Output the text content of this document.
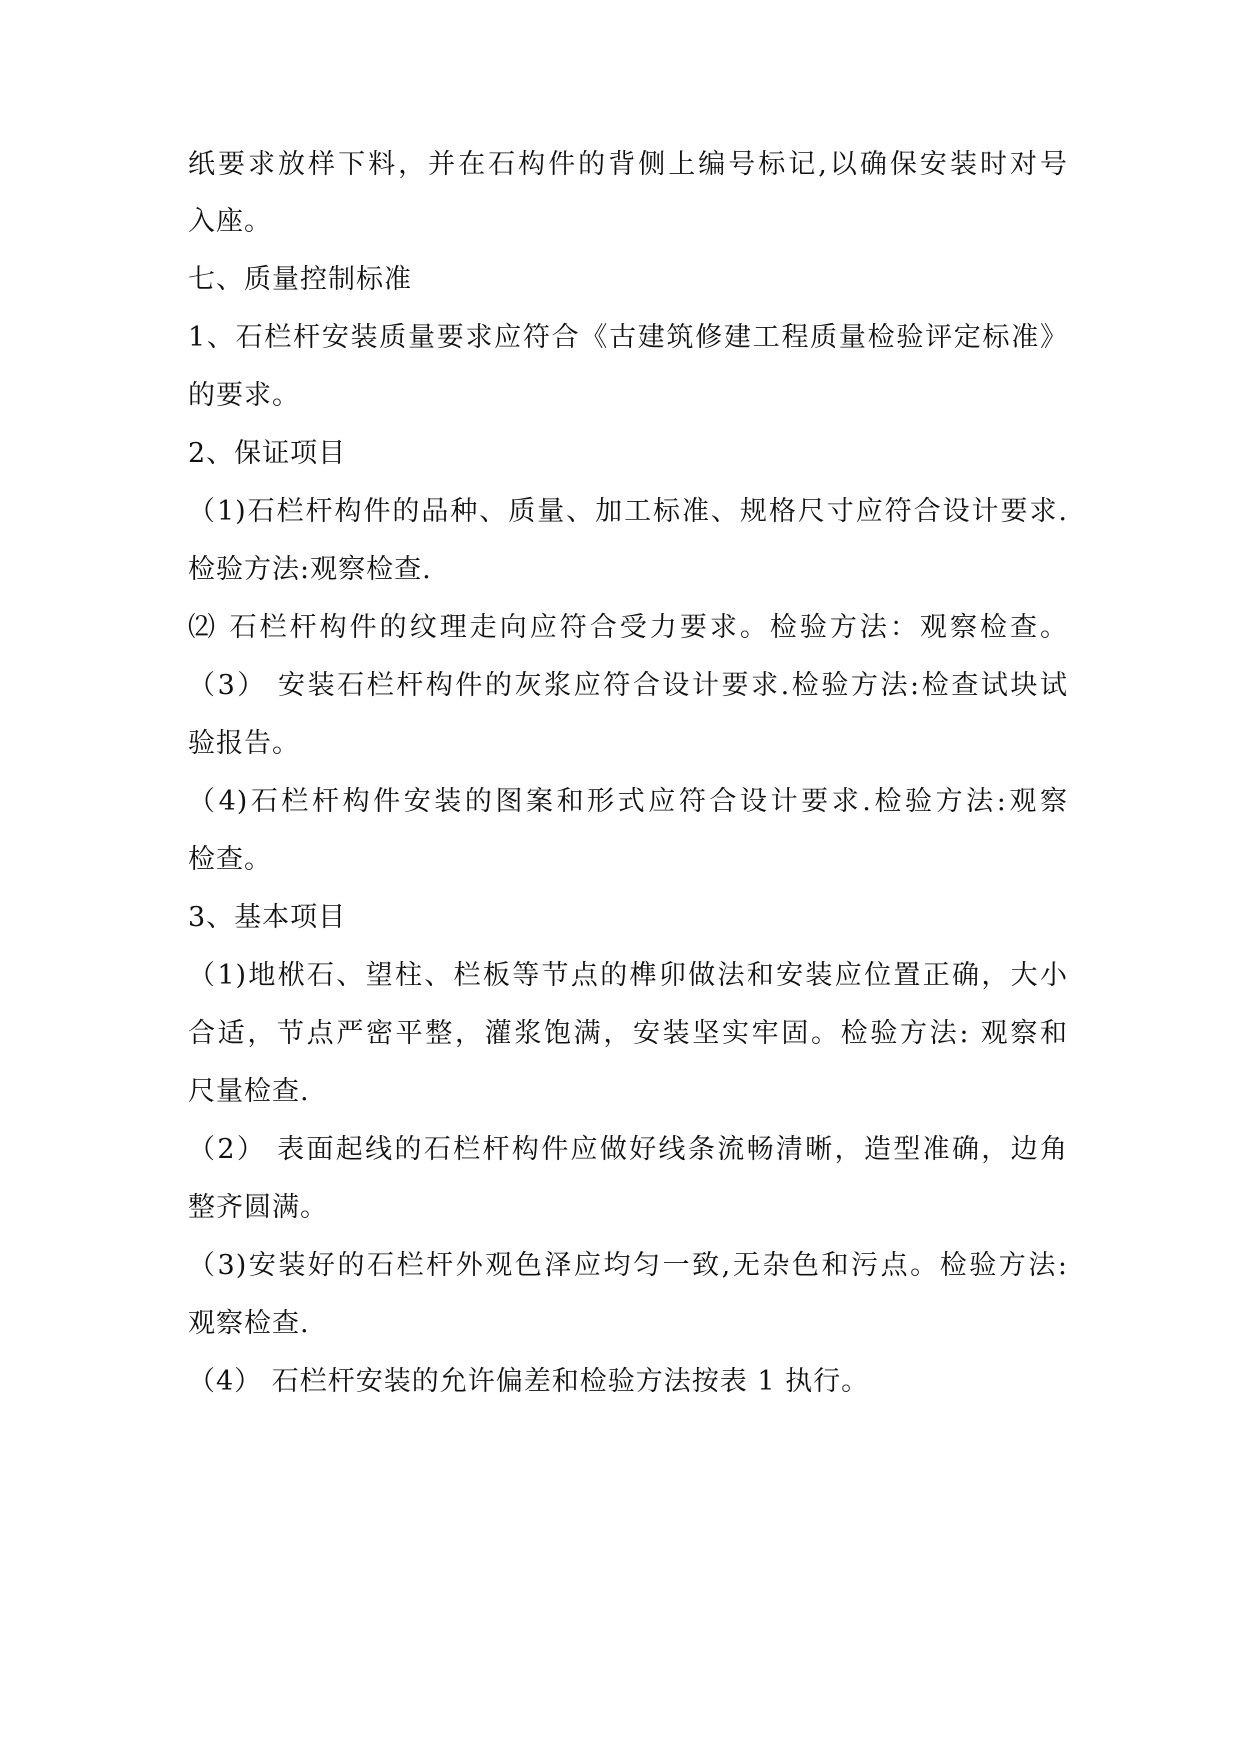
纸要求放样下料，并在石构件的背侧上编号标记,以确保安装时对号
入座。
七、质量控制标准
1、石栏杆安装质量要求应符合《古建筑修建工程质量检验评定标准》
的要求。
2、保证项目
（1)石栏杆构件的品种、质量、加工标准、规格尺寸应符合设计要求.
检验方法:观察检查.
⑵ 石栏杆构件的纹理走向应符合受力要求。检验方法：观察检查。
（3） 安装石栏杆构件的灰浆应符合设计要求.检验方法:检查试块试
验报告。
（4)石栏杆构件安装的图案和形式应符合设计要求.检验方法:观察
检查。
3、基本项目
（1)地栿石、望柱、栏板等节点的榫卯做法和安装应位置正确，大小
合适，节点严密平整，灌浆饱满，安装坚实牢固。检验方法: 观察和
尺量检查.
（2） 表面起线的石栏杆构件应做好线条流畅清晰，造型准确，边角
整齐圆满。
（3)安装好的石栏杆外观色泽应均匀一致,无杂色和污点。检验方法:
观察检查.
（4） 石栏杆安装的允许偏差和检验方法按表 1 执行。
